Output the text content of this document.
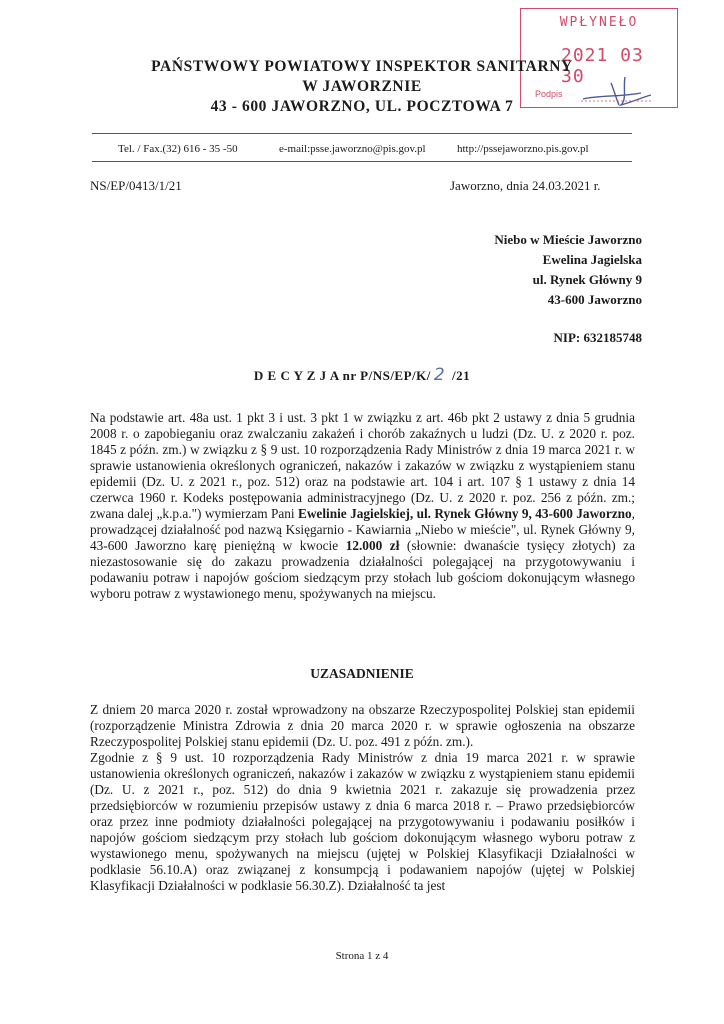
WPŁYNEŁO
2021 03 30
Podpis
PAŃSTWOWY POWIATOWY INSPEKTOR SANITARNY
W JAWORZNIE
43 - 600 JAWORZNO, UL. POCZTOWA 7
Tel. / Fax.(32) 616 - 35 -50	e-mail:psse.jaworzno@pis.gov.pl	http://pssejaworzno.pis.gov.pl
NS/EP/0413/1/21	Jaworzno, dnia 24.03.2021 r.
Niebo w Mieście Jaworzno
Ewelina Jagielska
ul. Rynek Główny 9
43-600 Jaworzno
NIP: 632185748
D E C Y Z J A nr P/NS/EP/K/ 2 /21
Na podstawie art. 48a ust. 1 pkt 3 i ust. 3 pkt 1 w związku z art. 46b pkt 2 ustawy z dnia 5 grudnia 2008 r. o zapobieganiu oraz zwalczaniu zakażeń i chorób zakaźnych u ludzi (Dz. U. z 2020 r. poz. 1845 z późn. zm.) w związku z § 9 ust. 10 rozporządzenia Rady Ministrów z dnia 19 marca 2021 r. w sprawie ustanowienia określonych ograniczeń, nakazów i zakazów w związku z wystąpieniem stanu epidemii (Dz. U. z 2021 r., poz. 512) oraz na podstawie art. 104 i art. 107 § 1 ustawy z dnia 14 czerwca 1960 r. Kodeks postępowania administracyjnego (Dz. U. z 2020 r. poz. 256 z późn. zm.; zwana dalej „k.p.a.") wymierzam Pani Ewelinie Jagielskiej, ul. Rynek Główny 9, 43-600 Jaworzno, prowadzącej działalność pod nazwą Księgarnio - Kawiarnia „Niebo w mieście", ul. Rynek Główny 9, 43-600 Jaworzno karę pieniężną w kwocie 12.000 zł (słownie: dwanaście tysięcy złotych) za niezastosowanie się do zakazu prowadzenia działalności polegającej na przygotowywaniu i podawaniu potraw i napojów gościom siedzącym przy stołach lub gościom dokonującym własnego wyboru potraw z wystawionego menu, spożywanych na miejscu.
UZASADNIENIE
Z dniem 20 marca 2020 r. został wprowadzony na obszarze Rzeczypospolitej Polskiej stan epidemii (rozporządzenie Ministra Zdrowia z dnia 20 marca 2020 r. w sprawie ogłoszenia na obszarze Rzeczypospolitej Polskiej stanu epidemii (Dz. U. poz. 491 z późn. zm.).
Zgodnie z § 9 ust. 10 rozporządzenia Rady Ministrów z dnia 19 marca 2021 r. w sprawie ustanowienia określonych ograniczeń, nakazów i zakazów w związku z wystąpieniem stanu epidemii (Dz. U. z 2021 r., poz. 512) do dnia 9 kwietnia 2021 r. zakazuje się prowadzenia przez przedsiębiorców w rozumieniu przepisów ustawy z dnia 6 marca 2018 r. – Prawo przedsiębiorców oraz przez inne podmioty działalności polegającej na przygotowywaniu i podawaniu posiłków i napojów gościom siedzącym przy stołach lub gościom dokonującym własnego wyboru potraw z wystawionego menu, spożywanych na miejscu (ujętej w Polskiej Klasyfikacji Działalności w podklasie 56.10.A) oraz związanej z konsumpcją i podawaniem napojów (ujętej w Polskiej Klasyfikacji Działalności w podklasie 56.30.Z). Działalność ta jest
Strona 1 z 4
